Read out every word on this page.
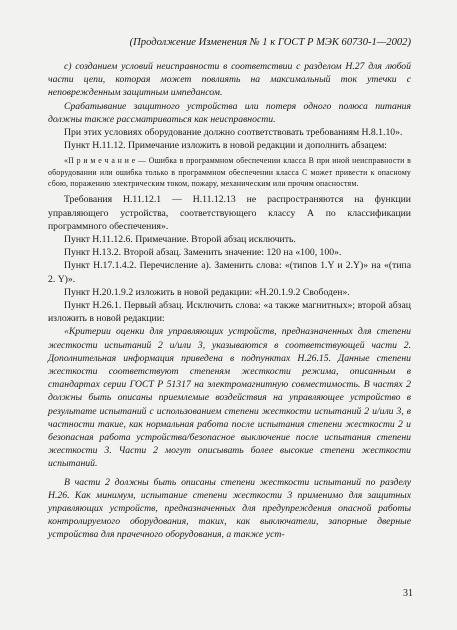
(Продолжение Изменения № 1 к ГОСТ Р МЭК 60730-1—2002)

c) созданием условий неисправности в соответствии с разделом Н.27 для любой части цепи, которая может повлиять на максимальный ток утечки с неповрежденным защитным импедансом.

Срабатывание защитного устройства или потеря одного полюса питания должны также рассматриваться как неисправности.

При этих условиях оборудование должно соответствовать требованиям Н.8.1.10».

Пункт Н.11.12. Примечание изложить в новой редакции и дополнить абзацем:

«П р и м е ч а н и е — Ошибка в программном обеспечении класса В при иной неисправности в оборудовании или ошибка только в программном обеспечении класса С может привести к опасному сбою, поражению электрическим током, пожару, механическим или прочим опасностям.

Требования Н.11.12.1 — Н.11.12.13 не распространяются на функции управляющего устройства, соответствующего классу А по классификации программного обеспечения».

Пункт Н.11.12.6. Примечание. Второй абзац исключить.

Пункт Н.13.2. Второй абзац. Заменить значение: 120 на «100, 100».

Пункт Н.17.1.4.2. Перечисление а). Заменить слова: «(типов 1.Y и 2.Y)» на «(типа 2. Y)».

Пункт Н.20.1.9.2 изложить в новой редакции: «Н.20.1.9.2 Свободен».

Пункт Н.26.1. Первый абзац. Исключить слова: «а также магнитных»; второй абзац изложить в новой редакции:

«Критерии оценки для управляющих устройств, предназначенных для степени жесткости испытаний 2 и/или 3, указываются в соответствующей части 2. Дополнительная информация приведена в подпунктах Н.26.15. Данные степени жесткости соответствуют степеням жесткости режима, описанным в стандартах серии ГОСТ Р 51317 на электромагнитную совместимость. В частях 2 должны быть описаны приемлемые воздействия на управляющее устройство в результате испытаний с использованием степени жесткости испытаний 2 и/или 3, в частности такие, как нормальная работа после испытания степени жесткости 2 и безопасная работа устройства/безопасное выключение после испытания степени жесткости 3. Части 2 могут описывать более высокие степени жесткости испытаний.

В части 2 должны быть описаны степени жесткости испытаний по разделу Н.26. Как минимум, испытание степени жесткости 3 применимо для защитных управляющих устройств, предназначенных для предупреждения опасной работы контролируемого оборудования, таких, как выключатели, запорные дверные устройства для прачечного оборудования, а также уст-

31
